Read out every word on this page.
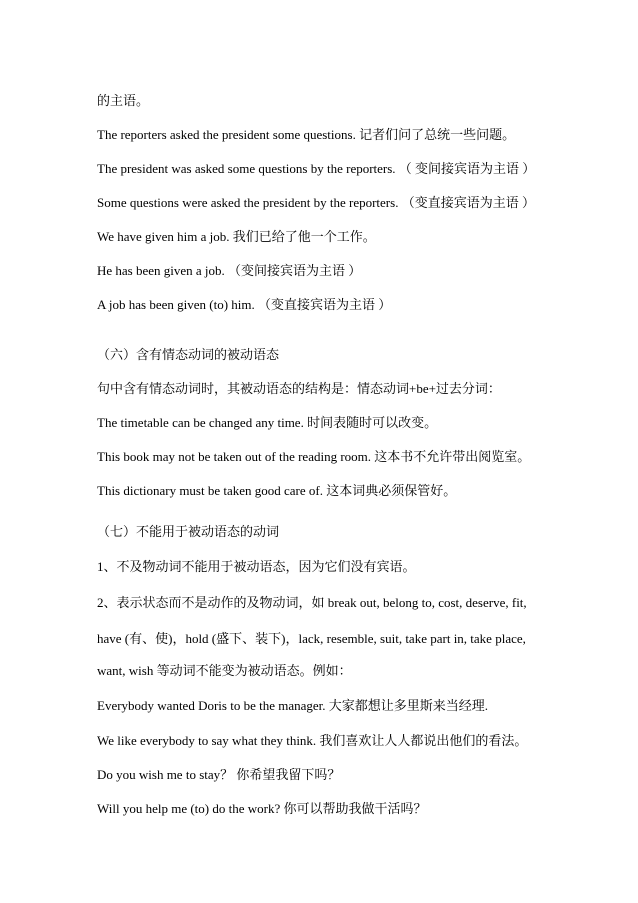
的主语。
The reporters asked the president some questions. 记者们问了总统一些问题。
The president was asked some questions by the reporters. （ 变间接宾语为主语 ）
Some questions were asked the president by the reporters. （变直接宾语为主语 ）
We have given him a job. 我们已给了他一个工作。
He has been given a job. （变间接宾语为主语 ）
A job has been given (to) him. （变直接宾语为主语 ）
（六）含有情态动词的被动语态
句中含有情态动词时，其被动语态的结构是：情态动词+be+过去分词：
The timetable can be changed any time. 时间表随时可以改变。
This book may not be taken out of the reading room. 这本书不允许带出阅览室。
This dictionary must be taken good care of. 这本词典必须保管好。
（七）不能用于被动语态的动词
1、不及物动词不能用于被动语态，因为它们没有宾语。
2、表示状态而不是动作的及物动词，如 break out, belong to, cost, deserve, fit,
have (有、使)，hold (盛下、装下)，lack, resemble, suit, take part in, take place,
want, wish 等动词不能变为被动语态。例如：
Everybody wanted Doris to be the manager. 大家都想让多里斯来当经理.
We like everybody to say what they think. 我们喜欢让人人都说出他们的看法。
Do you wish me to stay？ 你希望我留下吗？
Will you help me (to) do the work? 你可以帮助我做干活吗？
